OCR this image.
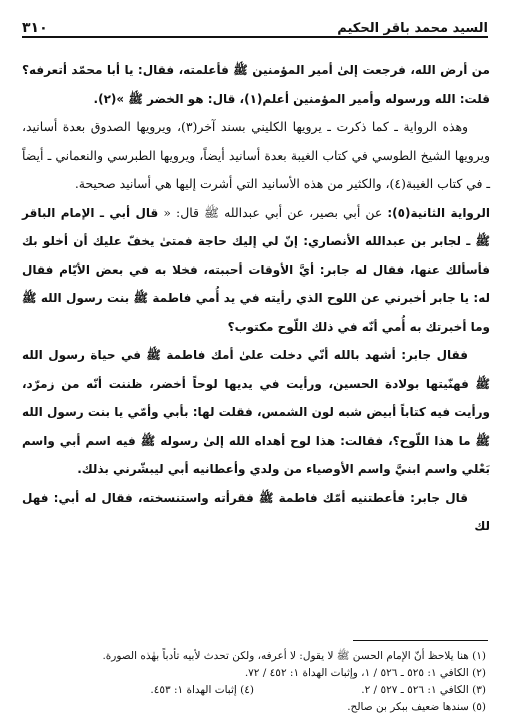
السيد محمد باقر الحكيم
٣١٠

من أرض الله، فرجعت إلىٰ أمير المؤمنين ﷺ فأعلمته، فقال: يا أبا محمّد أتعرفه؟ قلت: الله ورسوله وأمير المؤمنين أعلم(١)، قال: هو الخضر ﷺ »(٢).

وهذه الرواية ـ كما ذكرت ـ يرويها الكليني بسند آخر(٣)، ويرويها الصدوق بعدة أسانيد، ويرويها الشيخ الطوسي في كتاب الغيبة بعدة أسانيد أيضاً، ويرويها الطبرسي والنعماني ـ أيضاً ـ في كتاب الغيبة(٤)، والكثير من هذه الأسانيد التي أشرت إليها هي أسانيد صحيحة.

الرواية الثانية(٥): عن أبي بصير، عن أبي عبدالله ﷺ قال: « قال أبي ـ الإمام الباقر ﷺ ـ لجابر بن عبدالله الأنصاري: إنّ لي إليك حاجة فمتىٰ يخفّ عليك أن أخلو بك فأسألك عنها، فقال له جابر: أيَّ الأوقات أحببته، فخلا به في بعض الأيّام فقال له: يا جابر أخبرني عن اللوح الذي رأيته في يد أُمي فاطمة ﷺ بنت رسول الله ﷺ وما أخبرتك به أُمي أنّه في ذلك اللّوح مكتوب؟

فقال جابر: أشهد بالله أنّي دخلت علىٰ أمك فاطمة ﷺ في حياة رسول الله ﷺ فهنّيتها بولادة الحسين، ورأيت في يديها لوحاً أخضر، ظننت أنّه من زمرّد، ورأيت فيه كتاباً أبيض شبه لون الشمس، فقلت لها: بأبي وأمّي يا بنت رسول الله ﷺ ما هذا اللّوح؟، فقالت: هذا لوح أهداه الله إلىٰ رسوله ﷺ فيه اسم أبي واسم بَعْلي واسم ابنيَّ واسم الأوصياء من ولدي وأعطانيه أبي ليبشّرني بذلك.

قال جابر: فأعطتنيه أمّك فاطمة ﷺ فقرأته واستنسخته، فقال له أبي: فهل لك

(١) هنا يلاحظ أنّ الإمام الحسن ﷺ لا يقول: لا أعرفه، ولكن تحدث لأبيه تأدباً بهٰذه الصورة.
(٢) الكافي ١: ٥٢٥ ـ ٥٢٦ / ١، وإثبات الهداة ١: ٤٥٢ / ٧٢.
(٣) الكافي ١: ٥٢٦ ـ ٥٢٧ / ٢.
(٤) إثبات الهداة ١: ٤٥٣.
(٥) سندها ضعيف ببكر بن صالح.
